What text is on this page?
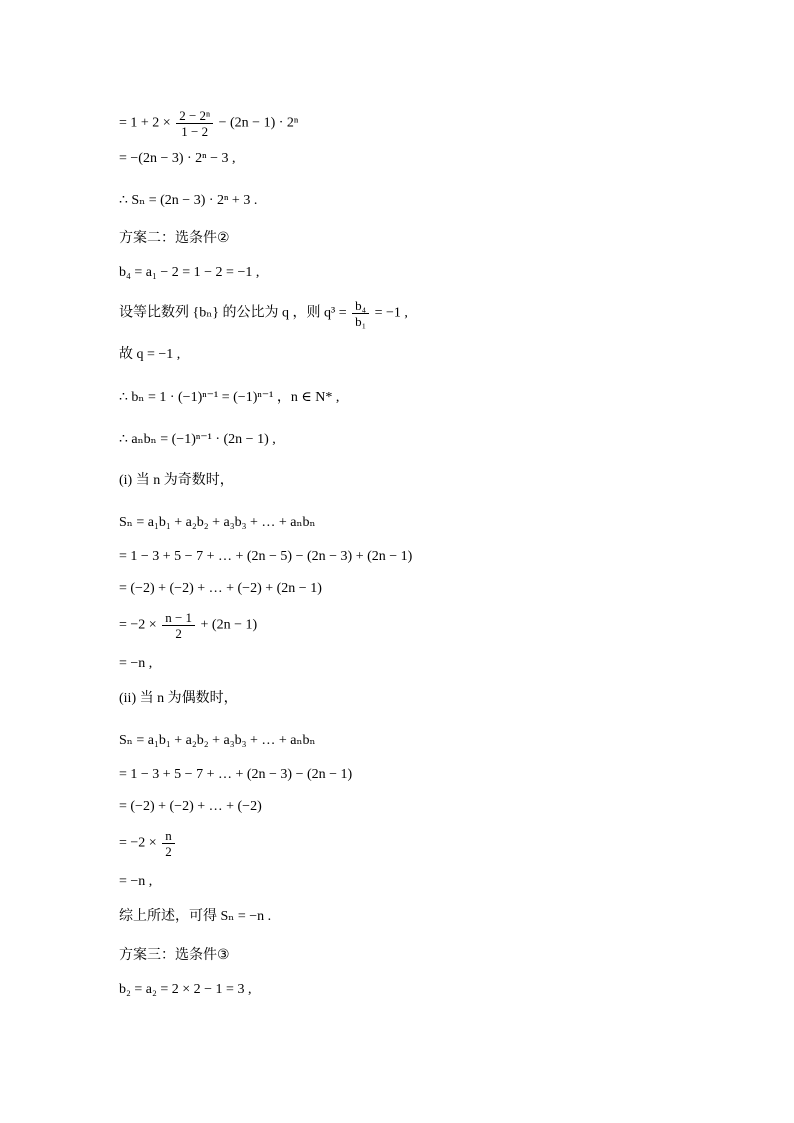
= $1 + 2 \times \frac{\text{2 − 2ⁿ}}{1 - 2} - (2n - 1) \cdot 2^n$
= −(2n − 3) · 2ⁿ − 3 ,
∴ Sₙ = (2n − 3) · 2ⁿ + 3 .
方案二：选条件②
b₄ = a₁ − 2 = 1 − 2 = −1 ,
设等比数列 {bₙ} 的公比为 q ，则 $q^3 = \frac{\text{b₄}}{\text{b₁}} = -1$ ,
故 q = −1 ,
∴ bₙ = 1 · (−1)ⁿ⁻¹ = (−1)ⁿ⁻¹ ，n ∈ N* ,
∴ aₙbₙ = (−1)ⁿ⁻¹ · (2n − 1) ,
(i) 当 n 为奇数时，
Sₙ = a₁b₁ + a₂b₂ + a₃b₃ + … + aₙbₙ
= 1 − 3 + 5 − 7 + … + (2n − 5) − (2n − 3) + (2n − 1)
= (−2) + (−2) + … + (−2) + (2n − 1)
= $-2 \times \frac{n - 1}{2} + (2n - 1)$
= −n ,
(ii) 当 n 为偶数时，
Sₙ = a₁b₁ + a₂b₂ + a₃b₃ + … + aₙbₙ
= 1 − 3 + 5 − 7 + … + (2n − 3) − (2n − 1)
= (−2) + (−2) + … + (−2)
= $-2 \times \frac{n}{2}$
= −n ,
综上所述，可得 Sₙ = −n .
方案三：选条件③
b₂ = a₂ = 2 × 2 − 1 = 3 ,
